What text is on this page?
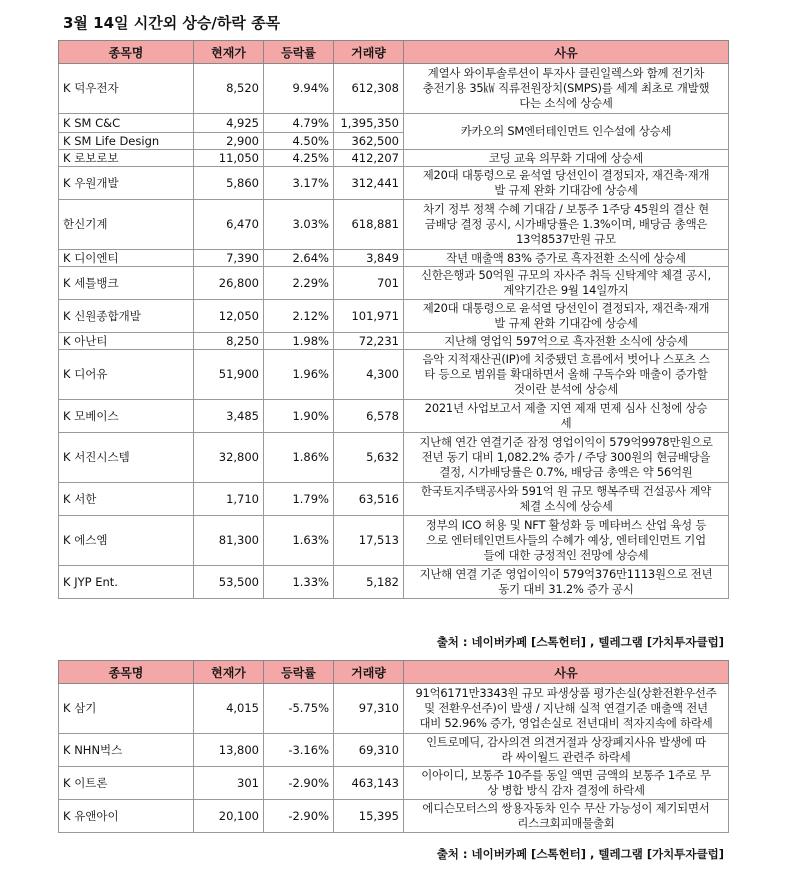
3월 14일 시간외 상승/하락 종목
종목명	현재가	등락률	거래량	사유
K 덕우전자	8,520	9.94%	612,308	계열사 와이투솔루션이 투자사 클린일렉스와 함께 전기차
충전기용 35㎾ 직류전원장치(SMPS)를 세계 최초로 개발했
다는 소식에 상승세

K SM C&C	4,925	4.79%	1,395,350	카카오의 SM엔터테인먼트 인수설에 상승세

K SM Life Design	2,900	4.50%	362,500	
K 로보로보	11,050	4.25%	412,207	코딩 교육 의무화 기대에 상승세

K 우원개발	5,860	3.17%	312,441	제20대 대통령으로 윤석열 당선인이 결정되자, 재건축·재개
발 규제 완화 기대감에 상승세

한신기계	6,470	3.03%	618,881	차기 정부 정책 수혜 기대감 / 보통주 1주당 45원의 결산 현
금배당 결정 공시, 시가배당률은 1.3%이며, 배당금 총액은
13억8537만원 규모

K 디이엔티	7,390	2.64%	3,849	작년 매출액 83% 증가로 흑자전환 소식에 상승세

K 세틀뱅크	26,800	2.29%	701	신한은행과 50억원 규모의 자사주 취득 신탁계약 체결 공시,
계약기간은 9월 14일까지

K 신원종합개발	12,050	2.12%	101,971	제20대 대통령으로 윤석열 당선인이 결정되자, 재건축·재개
발 규제 완화 기대감에 상승세

K 아난티	8,250	1.98%	72,231	지난해 영업익 597억으로 흑자전환 소식에 상승세

K 디어유	51,900	1.96%	4,300	음악 지적재산권(IP)에 치중됐던 흐름에서 벗어나 스포츠 스
타 등으로 범위를 확대하면서 올해 구독수와 매출이 증가할
것이란 분석에 상승세

K 모베이스	3,485	1.90%	6,578	2021년 사업보고서 제출 지연 제재 면제 심사 신청에 상승
세

K 서진시스템	32,800	1.86%	5,632	지난해 연간 연결기준 잠정 영업이익이 579억9978만원으로
전년 동기 대비 1,082.2% 증가 / 주당 300원의 현금배당을
결정, 시가배당률은 0.7%, 배당금 총액은 약 56억원

K 서한	1,710	1.79%	63,516	한국토지주택공사와 591억 원 규모 행복주택 건설공사 계약
체결 소식에 상승세

K 에스엠	81,300	1.63%	17,513	정부의 ICO 허용 및 NFT 활성화 등 메타버스 산업 육성 등
으로 엔터테인먼트사들의 수혜가 예상, 엔터테인먼트 기업
들에 대한 긍정적인 전망에 상승세

K JYP Ent.	53,500	1.33%	5,182	지난해 연결 기준 영업이익이 579억376만1113원으로 전년
동기 대비 31.2% 증가 공시
출처 : 네이버카페 [스톡헌터] , 텔레그램 [가치투자클럽]
종목명	현재가	등락률	거래량	사유
K 삼기	4,015	-5.75%	97,310	91억6171만3343원 규모 파생상품 평가손실(상환전환우선주
및 전환우선주)이 발생 / 지난해 실적 연결기준 매출액 전년
대비 52.96% 증가, 영업손실로 전년대비 적자지속에 하락세

K NHN벅스	13,800	-3.16%	69,310	인트로메딕, 감사의견 의견거절과 상장폐지사유 발생에 따
라 싸이월드 관련주 하락세

K 이트론	301	-2.90%	463,143	이아이디, 보통주 10주를 동일 액면 금액의 보통주 1주로 무
상 병합 방식 감자 결정에 하락세

K 유앤아이	20,100	-2.90%	15,395	에디슨모터스의 쌍용자동차 인수 무산 가능성이 제기되면서
리스크회피매물출회
출처 : 네이버카페 [스톡헌터] , 텔레그램 [가치투자클럽]
